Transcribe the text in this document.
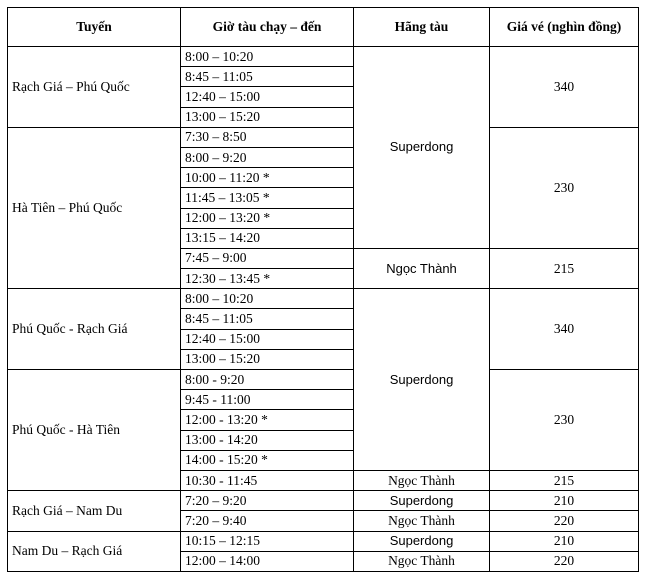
Tuyến	Giờ tàu chạy – đến	Hãng tàu	Giá vé (nghìn đồng)
Rạch Giá – Phú Quốc	8:00 – 10:20	Superdong	340
	8:45 – 11:05		
	12:40 – 15:00		
	13:00 – 15:20		
Hà Tiên – Phú Quốc	7:30 – 8:50		230
	8:00 – 9:20		
	10:00 – 11:20 *		
	11:45 – 13:05 *		
	12:00 – 13:20 *		
	13:15 – 14:20		
	7:45 – 9:00	Ngọc Thành	215
	12:30 – 13:45 *		
Phú Quốc - Rạch Giá	8:00 – 10:20	Superdong	340
	8:45 – 11:05		
	12:40 – 15:00		
	13:00 – 15:20		
Phú Quốc - Hà Tiên	8:00 - 9:20		230
	9:45 - 11:00		
	12:00 - 13:20 *		
	13:00 - 14:20		
	14:00 - 15:20 *		
	10:30 - 11:45	Ngọc Thành	215
Rạch Giá – Nam Du	7:20 – 9:20	Superdong	210
	7:20 – 9:40	Ngọc Thành	220
Nam Du – Rạch Giá	10:15 – 12:15	Superdong	210
	12:00 – 14:00	Ngọc Thành	220
